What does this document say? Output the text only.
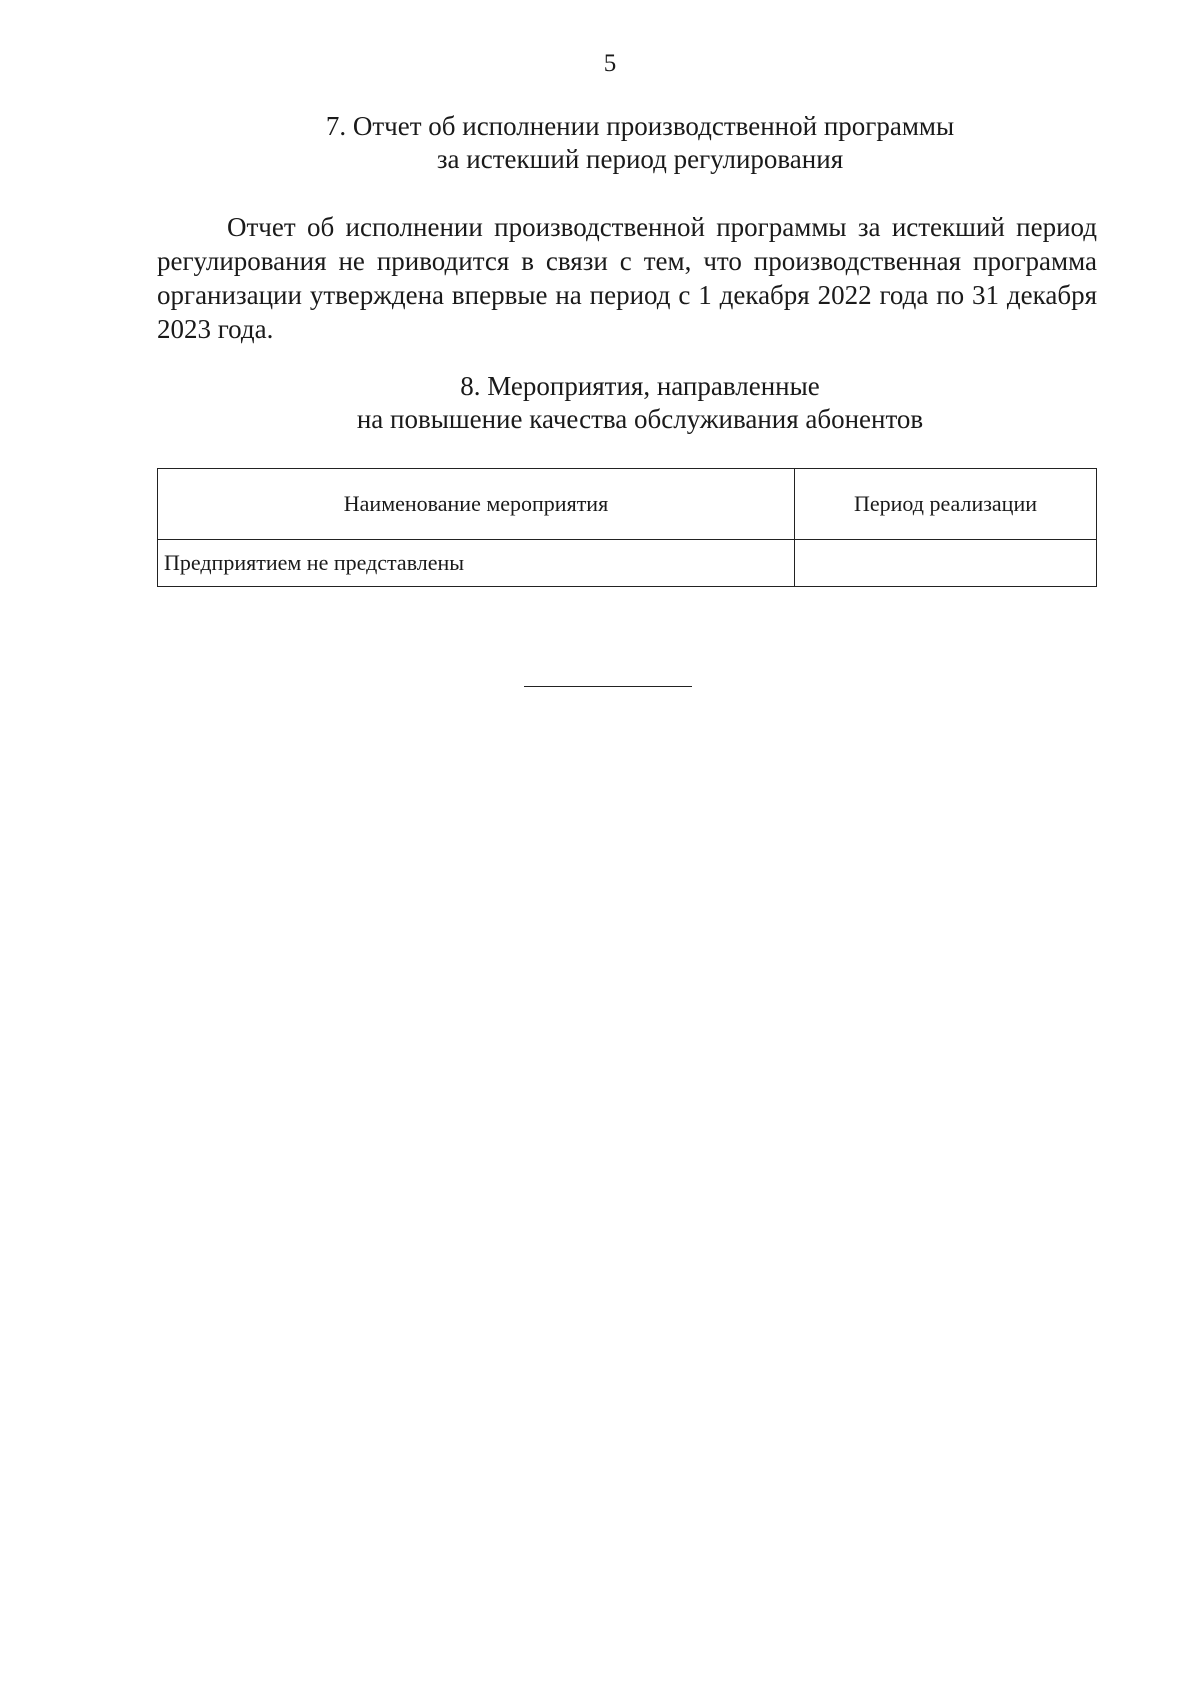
5
7. Отчет об исполнении производственной программы
за истекший период регулирования
Отчет об исполнении производственной программы за истекший период регулирования не приводится в связи с тем, что производственная программа организации утверждена впервые на период с 1 декабря 2022 года по 31 декабря 2023 года.
8. Мероприятия, направленные
на повышение качества обслуживания абонентов
Наименование мероприятия	Период реализации
Предприятием не представлены	
